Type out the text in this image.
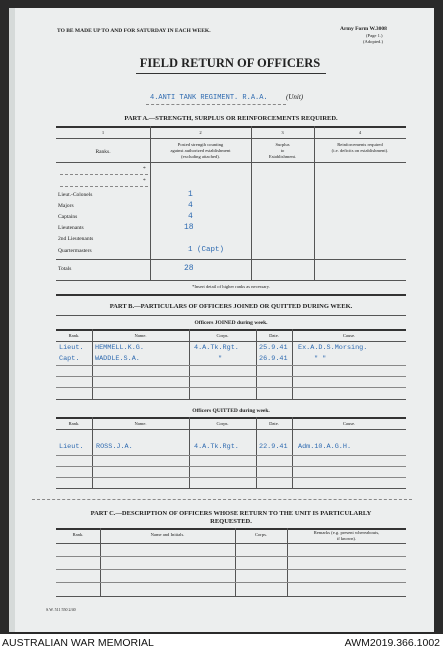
TO BE MADE UP TO AND FOR SATURDAY IN EACH WEEK.	Army Form W.3008
(Page 1.)
(Adopted.)
FIELD RETURN OF OFFICERS
4.ANTI TANK REGIMENT. R.A.A.	(Unit)
PART A.—STRENGTH, SURPLUS OR REINFORCEMENTS REQUIRED.
1	2	3	4
Ranks.
Posted strength counting
against authorized establishment
(excluding attached).
Surplus
to
Establishment.
Reinforcements required
(i.e. deficits on establishment).
*
*
Lieut.-Colonels	1
Majors	4
Captains	4
Lieutenants	18
2nd Lieutenants
Quartermasters	1 (Capt)
Totals	28
*Insert detail of higher ranks as necessary.
PART B.—PARTICULARS OF OFFICERS JOINED OR QUITTED DURING WEEK.
Officers JOINED during week.
Rank.	Name.	Corps.	Date.	Cause.
Lieut. HEMMELL.K.G.	4.A.Tk.Rgt.	25.9.41 Ex.A.D.S.Morsing.
Capt. WADDLE.S.A.	"	26.9.41	" "
Officers QUITTED during week.
Rank.	Name.	Corps.	Date.	Cause.
Lieut. ROSS.J.A.	4.A.Tk.Rgt.	22.9.41 Adm.10.A.G.H.
PART C.—DESCRIPTION OF OFFICERS WHOSE RETURN TO THE UNIT IS PARTICULARLY
REQUESTED.
Rank.	Name and Initials.	Corps.	Remarks (e.g. present whereabouts,
if known).
S.W. 511 550 2/40
AUSTRALIAN WAR MEMORIAL	AWM2019.366.1002
